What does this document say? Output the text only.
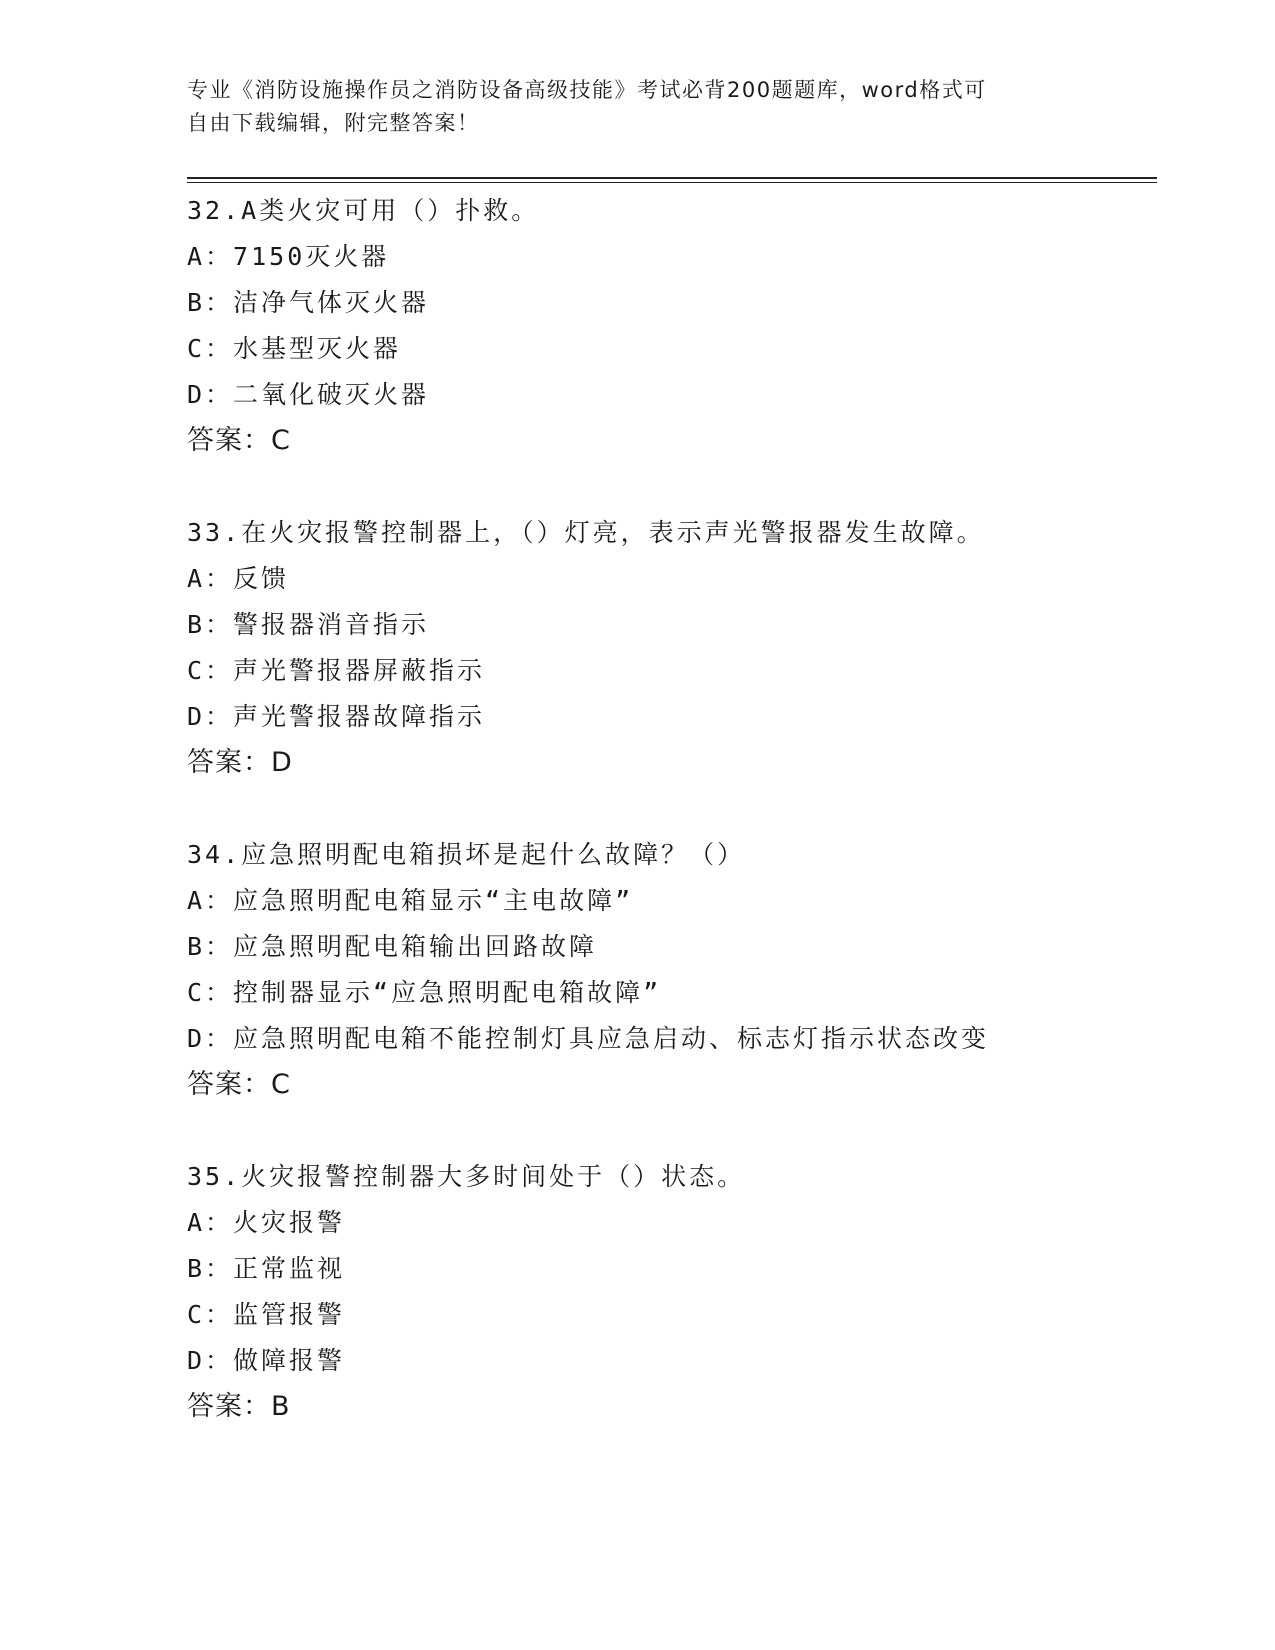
专业《消防设施操作员之消防设备高级技能》考试必背200题题库，word格式可
自由下载编辑，附完整答案！
32.A类火灾可用（）扑救。
A：7150灭火器
B：洁净气体灭火器
C：水基型灭火器
D：二氧化破灭火器
答案：C
33.在火灾报警控制器上，（）灯亮，表示声光警报器发生故障。
A：反馈
B：警报器消音指示
C：声光警报器屏蔽指示
D：声光警报器故障指示
答案：D
34.应急照明配电箱损坏是起什么故障？（）
A：应急照明配电箱显示“主电故障”
B：应急照明配电箱输出回路故障
C：控制器显示“应急照明配电箱故障”
D：应急照明配电箱不能控制灯具应急启动、标志灯指示状态改变
答案：C
35.火灾报警控制器大多时间处于（）状态。
A：火灾报警
B：正常监视
C：监管报警
D：做障报警
答案：B
